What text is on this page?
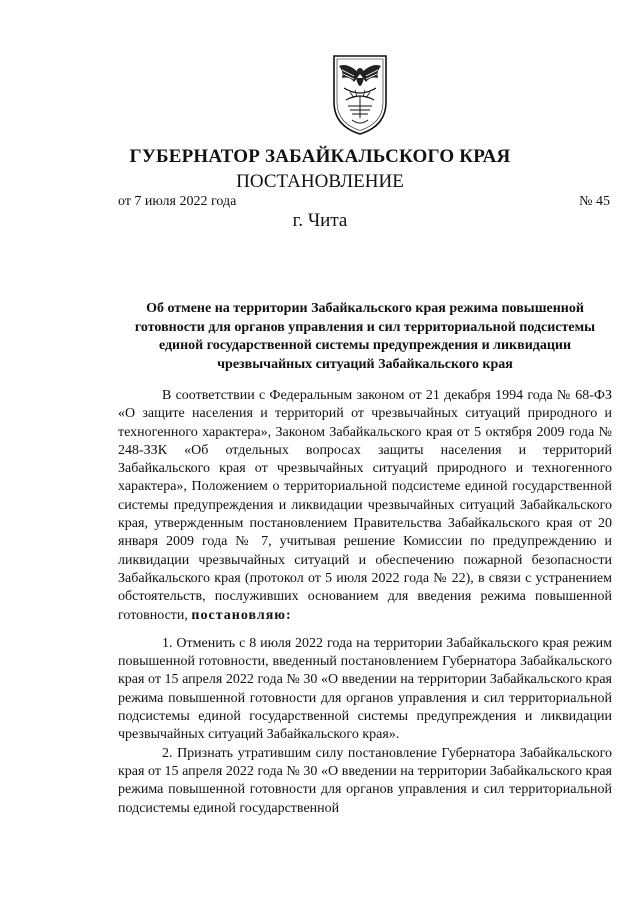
ГУБЕРНАТОР ЗАБАЙКАЛЬСКОГО КРАЯ
ПОСТАНОВЛЕНИЕ
от 7 июля 2022 года	№ 45
г. Чита
Об отмене на территории Забайкальского края режима повышенной
готовности для органов управления и сил территориальной подсистемы
единой государственной системы предупреждения и ликвидации
чрезвычайных ситуаций Забайкальского края

В соответствии с Федеральным законом от 21 декабря 1994 года № 68-ФЗ «О защите населения и территорий от чрезвычайных ситуаций природного и техногенного характера», Законом Забайкальского края от 5 октября 2009 года № 248-ЗЗК «Об отдельных вопросах защиты населения и территорий Забайкальского края от чрезвычайных ситуаций природного и техногенного характера», Положением о территориальной подсистеме единой государственной системы предупреждения и ликвидации чрезвычайных ситуаций Забайкальского края, утвержденным постановлением Правительства Забайкальского края от 20 января 2009 года № 7, учитывая решение Комиссии по предупреждению и ликвидации чрезвычайных ситуаций и обеспечению пожарной безопасности Забайкальского края (протокол от 5 июля 2022 года № 22), в связи с устранением обстоятельств, послуживших основанием для введения режима повышенной готовности, постановляю:

1. Отменить с 8 июля 2022 года на территории Забайкальского края режим повышенной готовности, введенный постановлением Губернатора Забайкальского края от 15 апреля 2022 года № 30 «О введении на территории Забайкальского края режима повышенной готовности для органов управления и сил территориальной подсистемы единой государственной системы предупреждения и ликвидации чрезвычайных ситуаций Забайкальского края».

2. Признать утратившим силу постановление Губернатора Забайкальского края от 15 апреля 2022 года № 30 «О введении на территории Забайкальского края режима повышенной готовности для органов управления и сил территориальной подсистемы единой государственной
